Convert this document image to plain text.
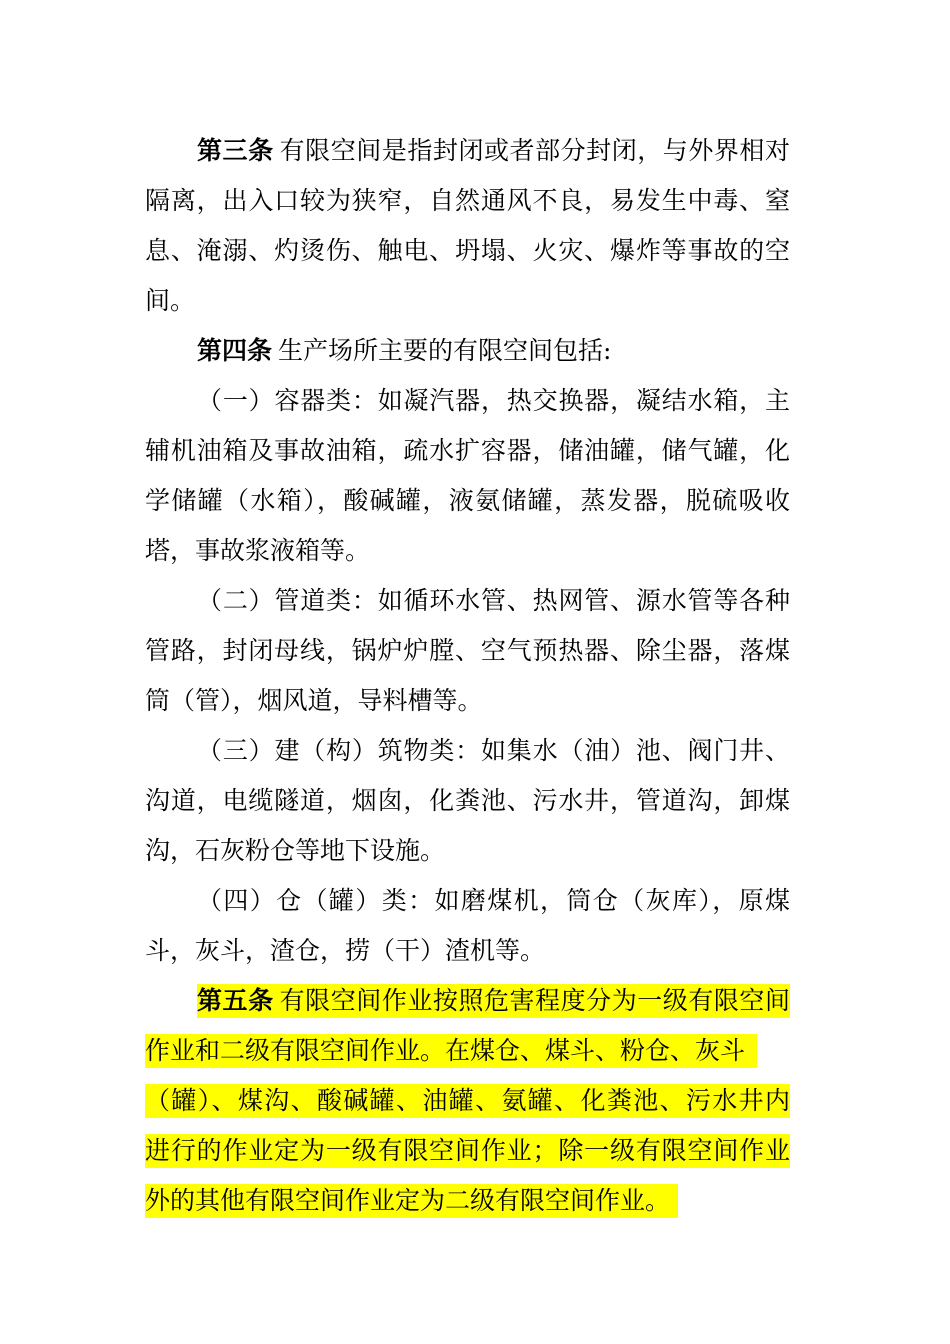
第三条 有限空间是指封闭或者部分封闭，与外界相对
隔离，出入口较为狭窄，自然通风不良，易发生中毒、窒
息、淹溺、灼烫伤、触电、坍塌、火灾、爆炸等事故的空
间。
第四条 生产场所主要的有限空间包括:
（一）容器类：如凝汽器，热交换器，凝结水箱，主
辅机油箱及事故油箱，疏水扩容器，储油罐，储气罐，化
学储罐（水箱），酸碱罐，液氨储罐，蒸发器，脱硫吸收
塔，事故浆液箱等。
（二）管道类：如循环水管、热网管、源水管等各种
管路，封闭母线，锅炉炉膛、空气预热器、除尘器，落煤
筒（管），烟风道，导料槽等。
（三）建（构）筑物类：如集水（油）池、阀门井、
沟道，电缆隧道，烟囱，化粪池、污水井，管道沟，卸煤
沟，石灰粉仓等地下设施。
（四）仓（罐）类：如磨煤机，筒仓（灰库），原煤
斗，灰斗，渣仓，捞（干）渣机等。
第五条 有限空间作业按照危害程度分为一级有限空间
作业和二级有限空间作业。在煤仓、煤斗、粉仓、灰斗
（罐）、煤沟、酸碱罐、油罐、氨罐、化粪池、污水井内
进行的作业定为一级有限空间作业；除一级有限空间作业
外的其他有限空间作业定为二级有限空间作业。
